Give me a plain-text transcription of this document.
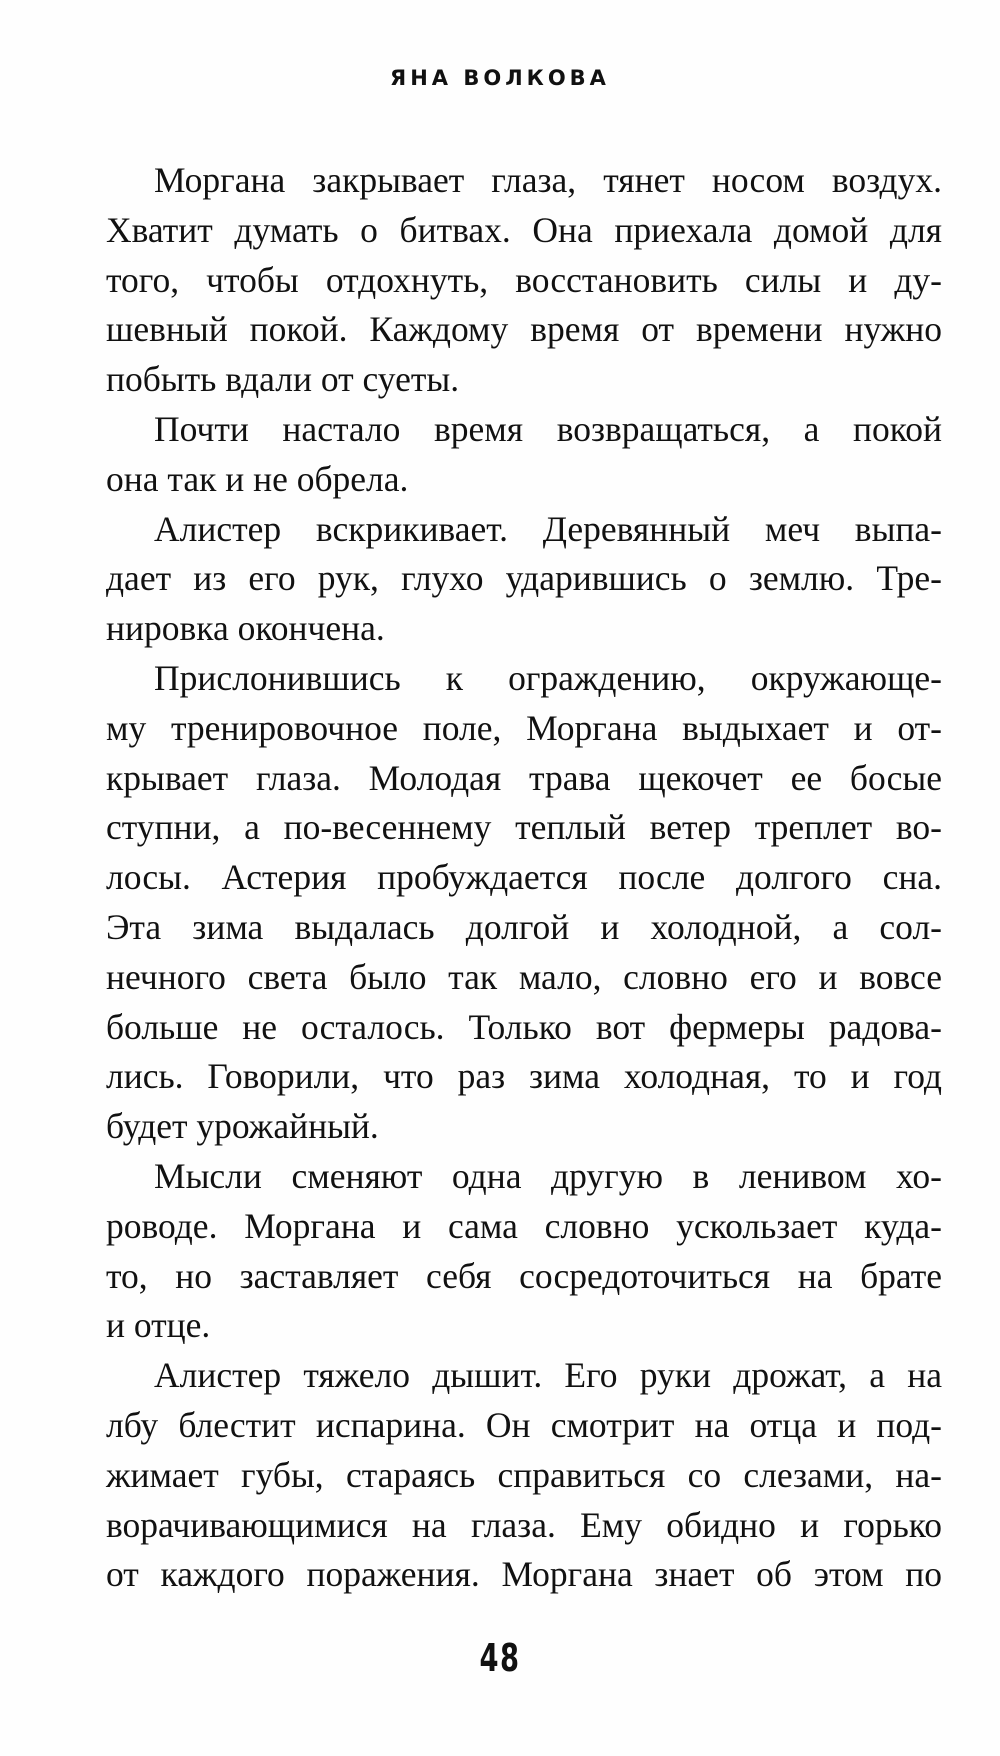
ЯНА ВОЛКОВА
Моргана закрывает глаза, тянет носом воздух.
Хватит думать о битвах. Она приехала домой для
того, чтобы отдохнуть, восстановить силы и ду-
шевный покой. Каждому время от времени нужно
побыть вдали от суеты.
Почти настало время возвращаться, а покой
она так и не обрела.
Алистер вскрикивает. Деревянный меч выпа-
дает из его рук, глухо ударившись о землю. Тре-
нировка окончена.
Прислонившись к ограждению, окружающе-
му тренировочное поле, Моргана выдыхает и от-
крывает глаза. Молодая трава щекочет ее босые
ступни, а по-весеннему теплый ветер треплет во-
лосы. Астерия пробуждается после долгого сна.
Эта зима выдалась долгой и холодной, а сол-
нечного света было так мало, словно его и вовсе
больше не осталось. Только вот фермеры радова-
лись. Говорили, что раз зима холодная, то и год
будет урожайный.
Мысли сменяют одна другую в ленивом хо-
роводе. Моргана и сама словно ускользает куда-
то, но заставляет себя сосредоточиться на брате
и отце.
Алистер тяжело дышит. Его руки дрожат, а на
лбу блестит испарина. Он смотрит на отца и под-
жимает губы, стараясь справиться со слезами, на-
ворачивающимися на глаза. Ему обидно и горько
от каждого поражения. Моргана знает об этом по
48
